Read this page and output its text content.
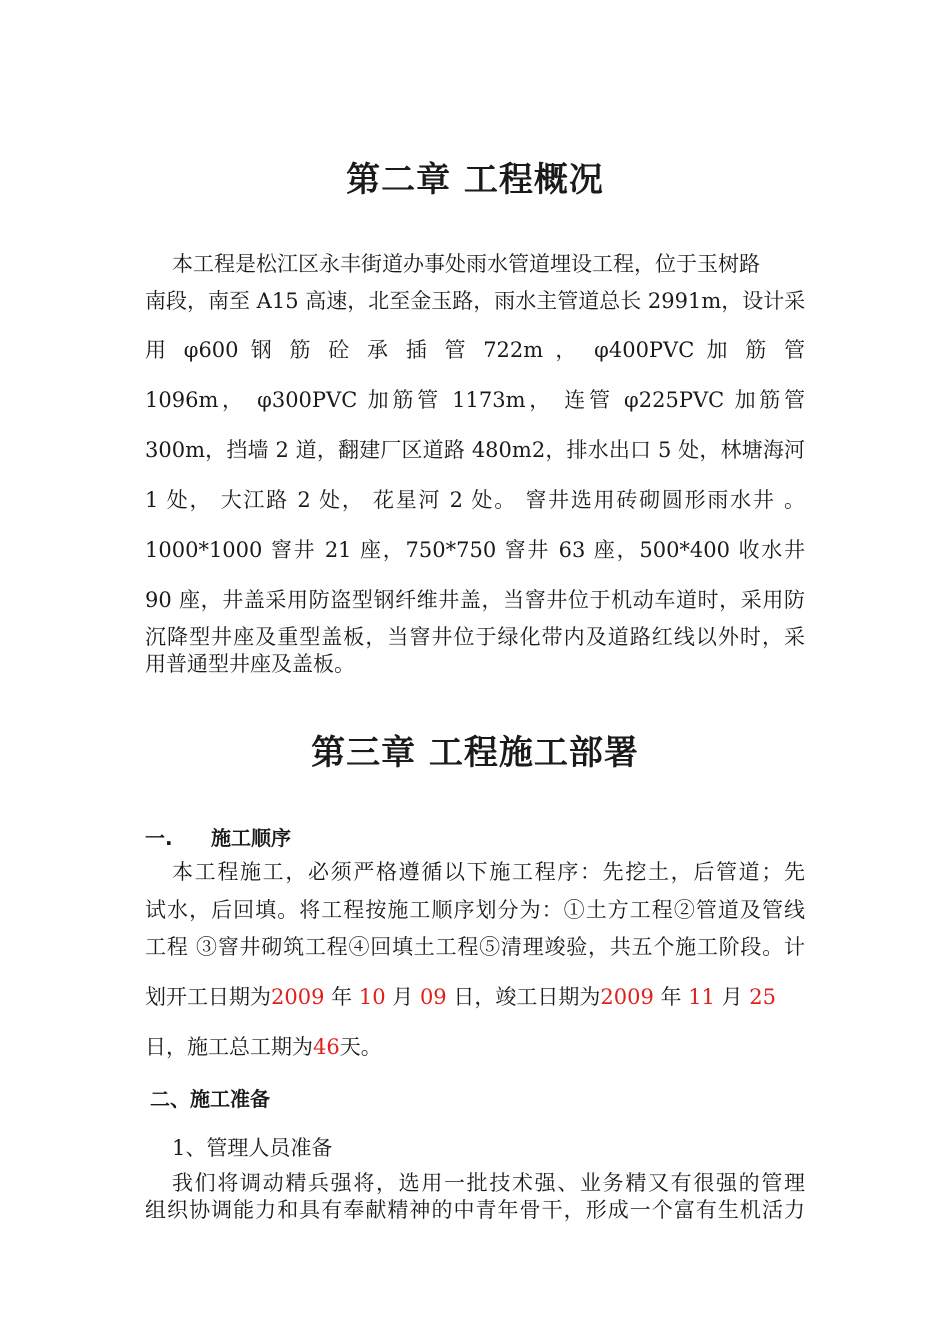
第二章 工程概况
本工程是松江区永丰街道办事处雨水管道埋设工程，位于玉树路
南段，南至 A15 高速，北至金玉路，雨水主管道总长 2991m，设计采
用 φ600 钢 筋 砼 承 插 管 722m ， φ400PVC 加 筋 管
1096m， φ300PVC 加筋管 1173m， 连管 φ225PVC 加筋管
300m，挡墙 2 道，翻建厂区道路 480m2，排水出口 5 处，林塘海河
1 处， 大江路 2 处， 花星河 2 处。 窨井选用砖砌圆形雨水井 。
1000*1000 窨井 21 座，750*750 窨井 63 座，500*400 收水井
90 座，井盖采用防盗型钢纤维井盖，当窨井位于机动车道时，采用防
沉降型井座及重型盖板，当窨井位于绿化带内及道路红线以外时，采
用普通型井座及盖板。
第三章 工程施工部署
一. 施工顺序
本工程施工，必须严格遵循以下施工程序：先挖土，后管道；先
试水，后回填。将工程按施工顺序划分为：①土方工程②管道及管线
工程 ③窨井砌筑工程④回填土工程⑤清理竣验，共五个施工阶段。计
划开工日期为2009 年 10 月 09 日，竣工日期为2009 年 11 月 25
日，施工总工期为46天。
二、施工准备
1、管理人员准备
我们将调动精兵强将，选用一批技术强、业务精又有很强的管理
组织协调能力和具有奉献精神的中青年骨干，形成一个富有生机活力
